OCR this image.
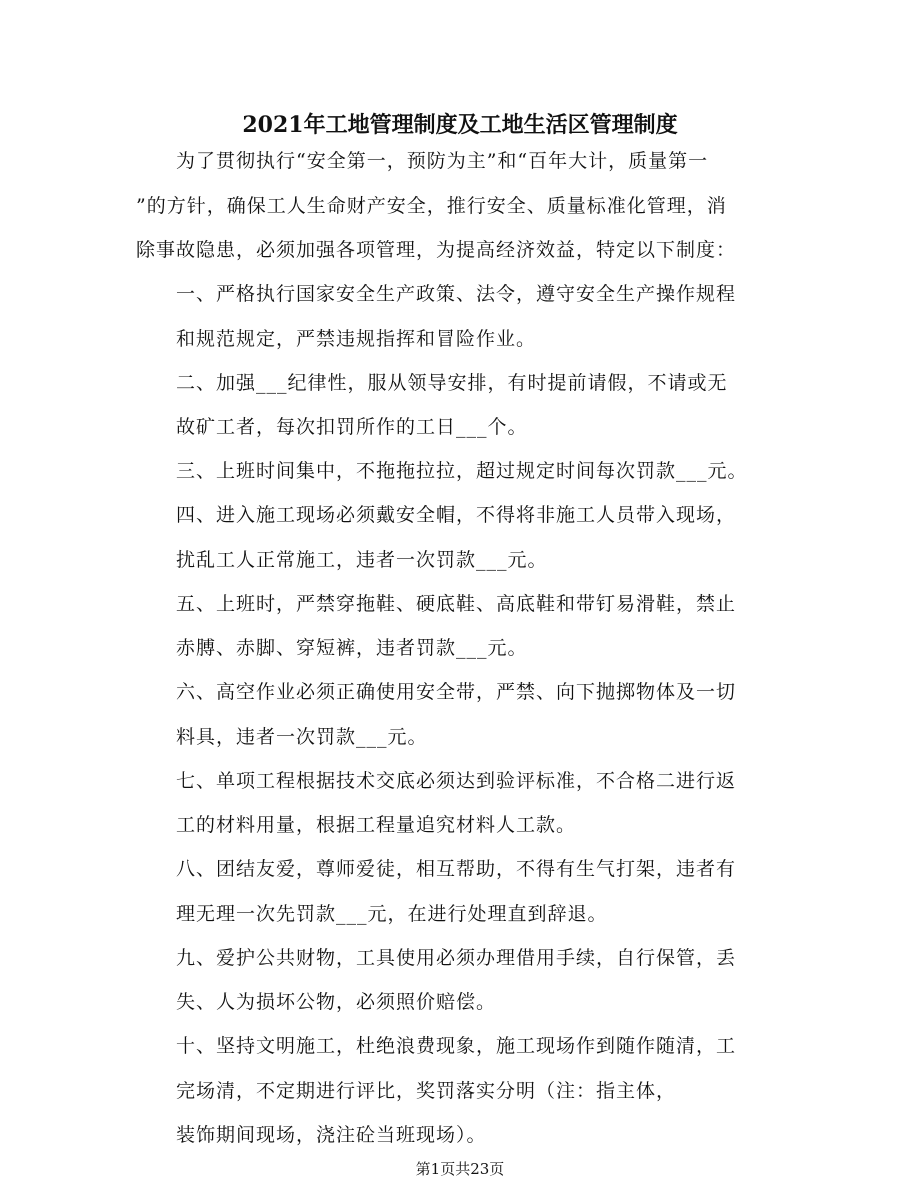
2021年工地管理制度及工地生活区管理制度
为了贯彻执行“安全第一，预防为主”和“百年大计，质量第一
”的方针，确保工人生命财产安全，推行安全、质量标准化管理，消
除事故隐患，必须加强各项管理，为提高经济效益，特定以下制度：
一、严格执行国家安全生产政策、法令，遵守安全生产操作规程
和规范规定，严禁违规指挥和冒险作业。
二、加强___纪律性，服从领导安排，有时提前请假，不请或无
故矿工者，每次扣罚所作的工日___个。
三、上班时间集中，不拖拖拉拉，超过规定时间每次罚款___元。
四、进入施工现场必须戴安全帽，不得将非施工人员带入现场，
扰乱工人正常施工，违者一次罚款___元。
五、上班时，严禁穿拖鞋、硬底鞋、高底鞋和带钉易滑鞋，禁止
赤膊、赤脚、穿短裤，违者罚款___元。
六、高空作业必须正确使用安全带，严禁、向下抛掷物体及一切
料具，违者一次罚款___元。
七、单项工程根据技术交底必须达到验评标准，不合格二进行返
工的材料用量，根据工程量追究材料人工款。
八、团结友爱，尊师爱徒，相互帮助，不得有生气打架，违者有
理无理一次先罚款___元，在进行处理直到辞退。
九、爱护公共财物，工具使用必须办理借用手续，自行保管，丢
失、人为损坏公物，必须照价赔偿。
十、坚持文明施工，杜绝浪费现象，施工现场作到随作随清，工
完场清，不定期进行评比，奖罚落实分明（注：指主体，
装饰期间现场，浇注砼当班现场）。
第1页共23页
